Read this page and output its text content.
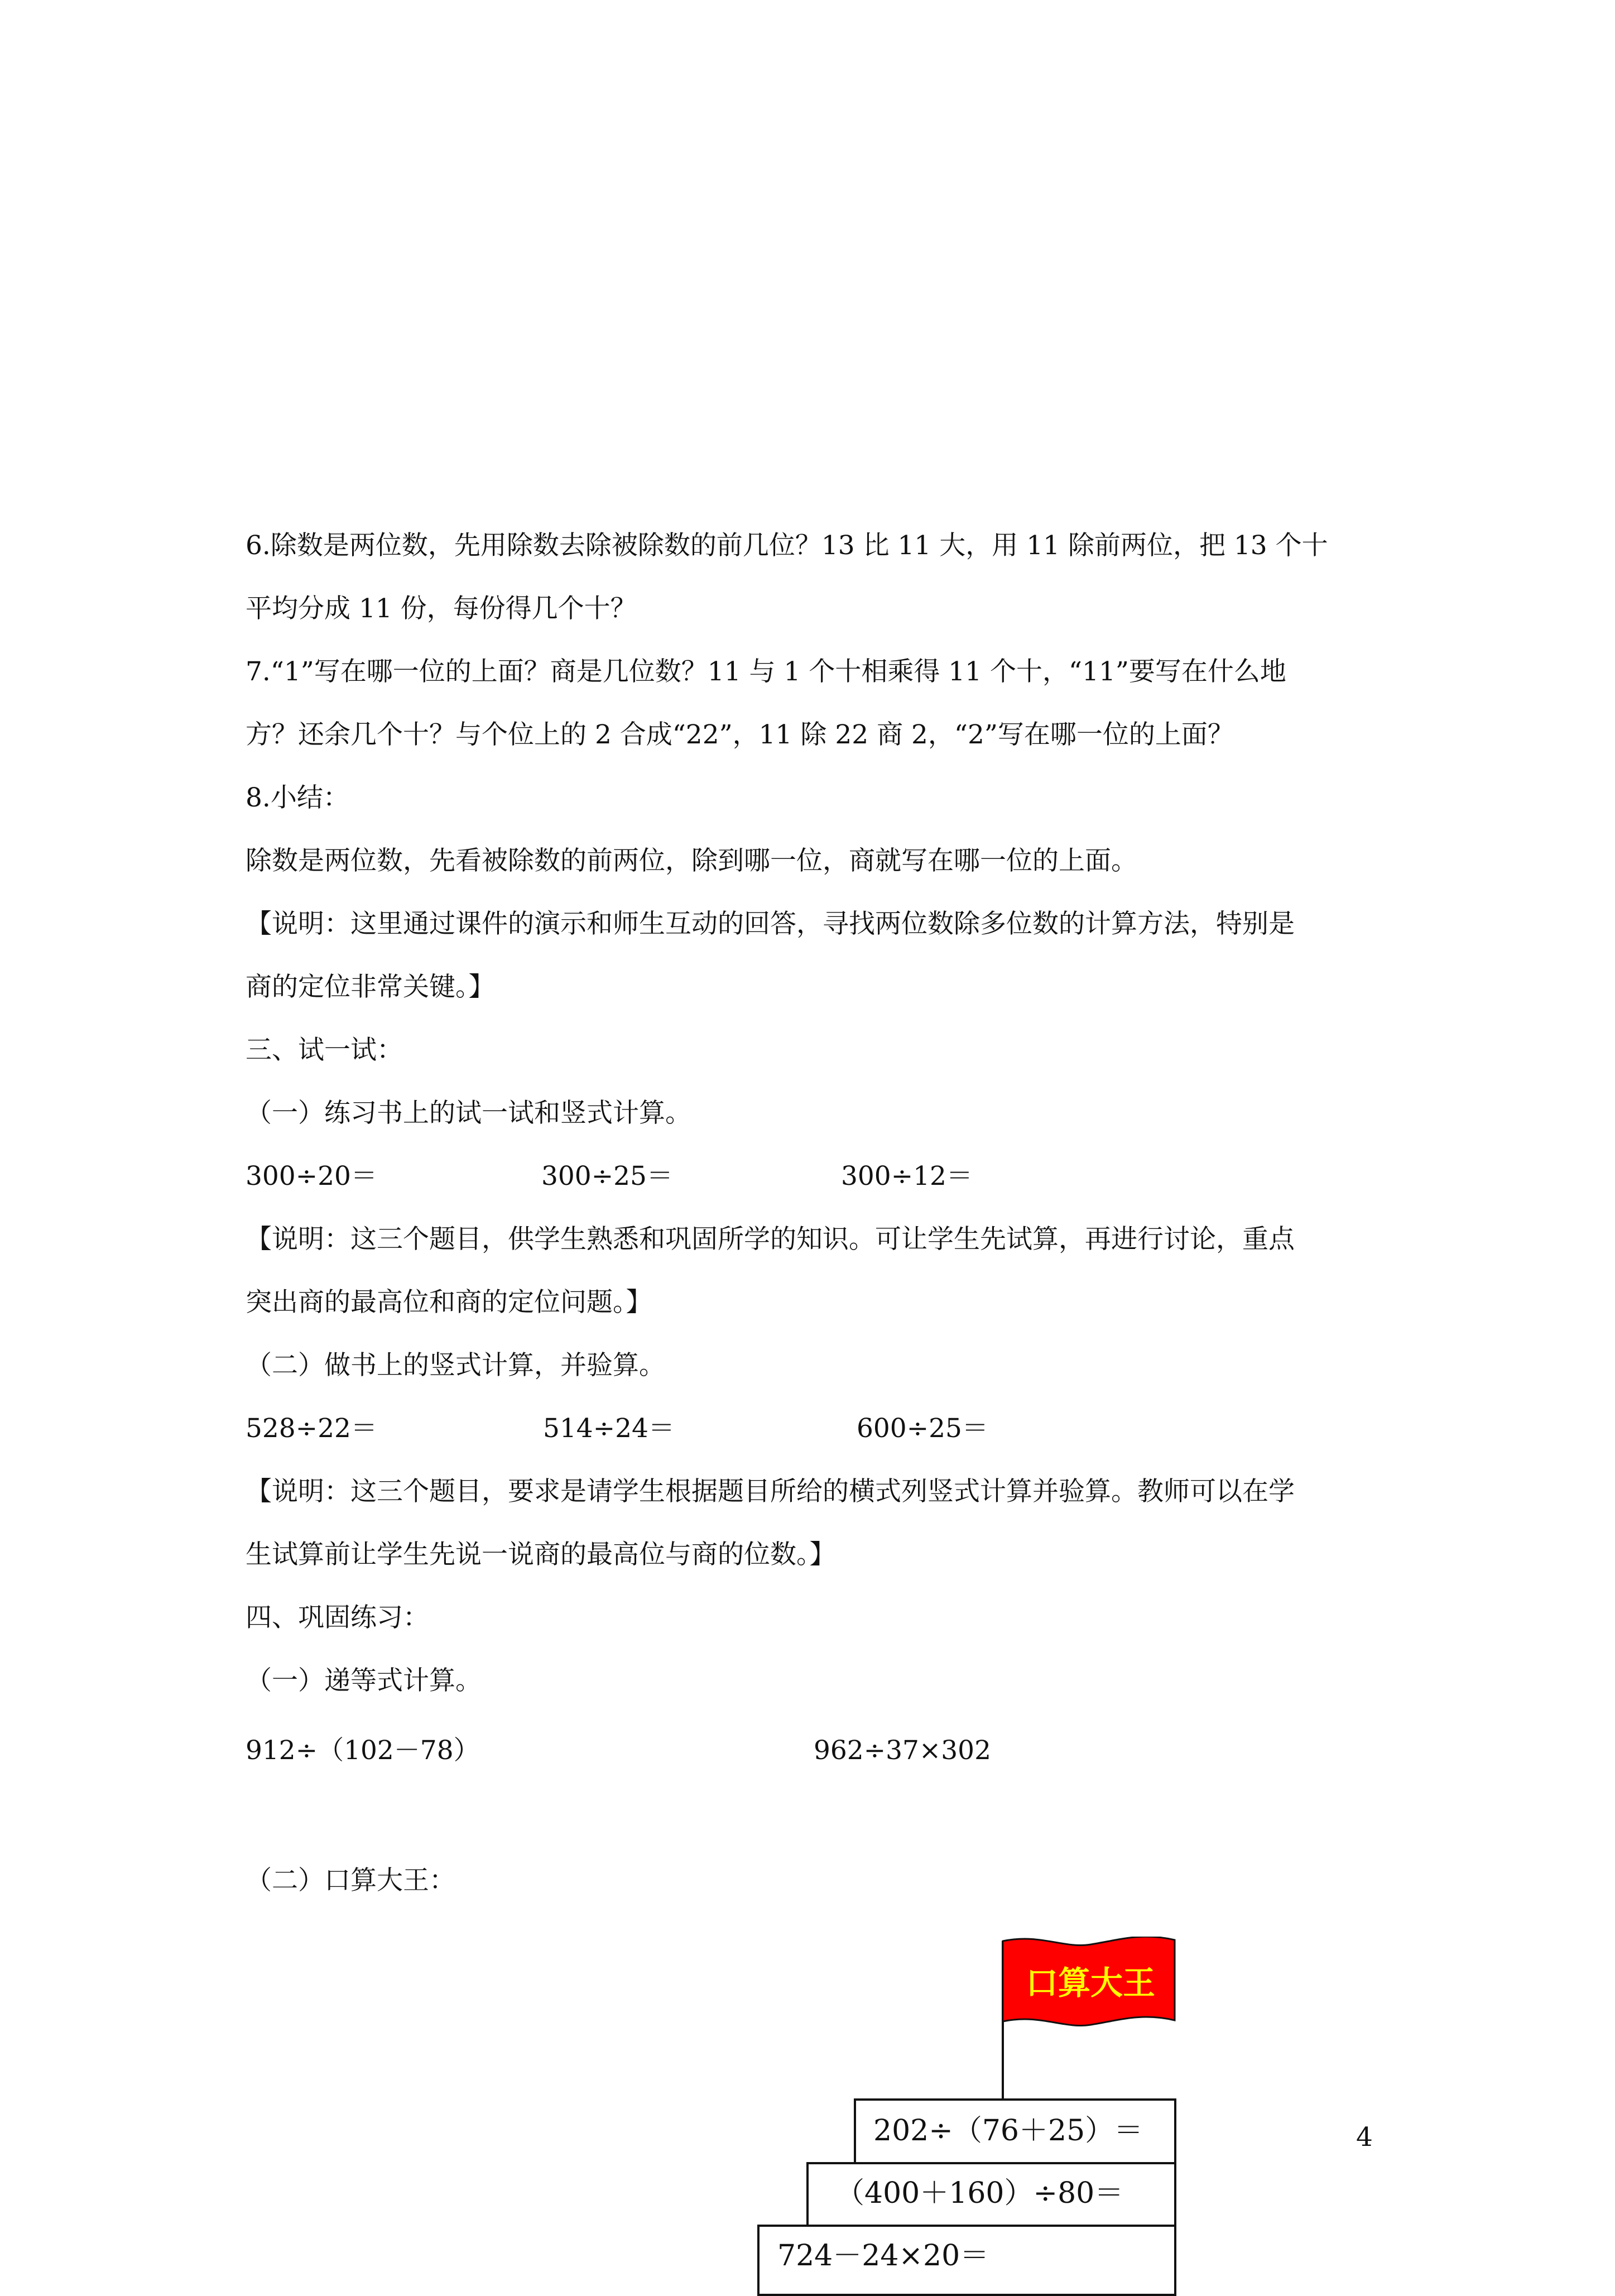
6.除数是两位数，先用除数去除被除数的前几位？13 比 11 大，用 11 除前两位，把 13 个十
平均分成 11 份，每份得几个十？
7.“1”写在哪一位的上面？商是几位数？11 与 1 个十相乘得 11 个十，“11”要写在什么地
方？还余几个十？与个位上的 2 合成“22”，11 除 22 商 2，“2”写在哪一位的上面？
8.小结：
除数是两位数，先看被除数的前两位，除到哪一位，商就写在哪一位的上面。
【说明：这里通过课件的演示和师生互动的回答，寻找两位数除多位数的计算方法，特别是
商的定位非常关键。】
三、试一试：
（一）练习书上的试一试和竖式计算。
300÷20＝	300÷25＝	300÷12＝
【说明：这三个题目，供学生熟悉和巩固所学的知识。可让学生先试算，再进行讨论，重点
突出商的最高位和商的定位问题。】
（二）做书上的竖式计算，并验算。
528÷22＝	514÷24＝	600÷25＝
【说明：这三个题目，要求是请学生根据题目所给的横式列竖式计算并验算。教师可以在学
生试算前让学生先说一说商的最高位与商的位数。】
四、巩固练习：
（一）递等式计算。
912÷（102－78）	962÷37×302
（二）口算大王：
口算大王
202÷（76＋25）＝
（400＋160）÷80＝
724－24×20＝
4
